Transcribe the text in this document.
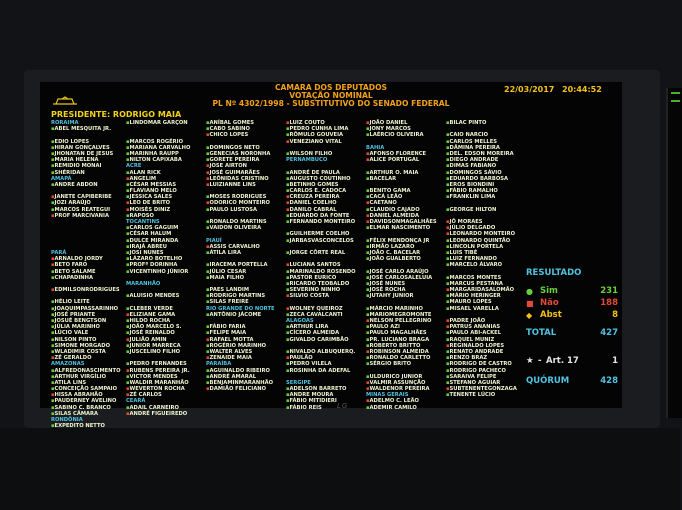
CAMARA DOS DEPUTADOS
VOTAÇÃO NOMINAL
PL Nº 4302/1998 - SUBSTITUTIVO DO SENADO FEDERAL
22/03/2017 20:44:52
PRESIDENTE: RODRIGO MAIA
RORAIMA
▪ ABEL MESQUITA JR.
▪
▪ EDIO LOPES
▪ HIRAN GONÇALVES
▪ JHONATAN DE JESUS
▪ MARIA HELENA
▪ REMIDIO MONAI
▪ SHÉRIDAN
AMAPÁ
▪ ANDRE ABDON
▪
▪ JANETE CAPIBERIBE
▪ JOZI ARAÚJO
▪ MARCOS REATEGUI
▪ PROF MARCIVANIA
▪
▪
▪
▪
▪
PARÁ
▪ ARNALDO JORDY
▪ BETO FARO
▪ BETO SALAME
▪ CHAPADINHA
▪
▪ EDMILSONRODRIGUES
▪
▪ HÉLIO LEITE
▪ JOAQUIMPASSARINHO
▪ JOSÉ PRIANTE
▪ JOSUÉ BENGTSON
▪ JÚLIA MARINHO
▪ LÚCIO VALE
▪ NILSON PINTO
▪ SIMONE MORGADO
▪ WLADIMIR COSTA
▪ ZÉ GERALDO
AMAZONAS
▪ ALFREDONASCIMENTO
▪ ARTHUR VIRGÍLIO
▪ ATILA LINS
▪ CONCEIÇÃO SAMPAIO
▪ HISSA ABRAHÃO
▪ PAUDERNEY AVELINO
▪ SABINO C. BRANCO
▪ SILAS CÂMARA
RONDÔNIA
▪ EXPEDITO NETTO
▪ LINDOMAR GARÇON
▪
▪
▪ MARCOS ROGÉRIO
▪ MARIANA CARVALHO
▪ MARINHA RAUPP
▪ NILTON CAPIXABA
ACRE
▪ ALAN RICK
▪ ANGELIM
▪ CÉSAR MESSIAS
▪ FLAVIANO MELO
▪ JESSICA SALES
▪ LEO DE BRITO
▪ MOISÉS DINIZ
▪ RAPOSO
TOCANTINS
▪ CARLOS GAGUIM
▪ CÉSAR HALUM
▪ DULCE MIRANDA
▪ IRAJÁ ABREU
▪ JOSI NUNES
▪ LÁZARO BOTELHO
▪ PROFª DORINHA
▪ VICENTINHO JÚNIOR
▪
MARANHÃO
▪
▪ ALUISIO MENDES
▪
▪ CLEBER VERDE
▪ ELIZIANE GAMA
▪ HILDO ROCHA
▪ JOÃO MARCELO S.
▪ JOSÉ REINALDO
▪ JULIÃO AMIN
▪ JUNIOR MARRECA
▪ JUSCELINO FILHO
▪
▪ PEDRO FERNANDES
▪ RUBENS PEREIRA JR.
▪ VICTOR MENDES
▪ WALDIR MARANHÃO
▪ WEVERTON ROCHA
▪ ZÉ CARLOS
CEARÁ
▪ ADAIL CARNEIRO
▪ ANDRÉ FIGUEIREDO
▪ ANÍBAL GOMES
▪ CABO SABINO
▪ CHICO LOPES
▪
▪ DOMINGOS NETO
▪ GENECIAS NORONHA
▪ GORETE PEREIRA
▪ JOSE AIRTON
▪ JOSÉ GUIMARÃES
▪ LEÔNIDAS CRISTINO
▪ LUIZIANNE LINS
▪
▪ MOSES RODRIGUES
▪ ODORICO MONTEIRO
▪ PAULO LUSTOSA
▪
▪ RONALDO MARTINS
▪ VAIDON OLIVEIRA
▪
PIAUÍ
▪ ASSIS CARVALHO
▪ ÁTILA LIRA
▪
▪ IRACEMA PORTELLA
▪ JÚLIO CESAR
▪ MAIA FILHO
▪
▪ PAES LANDIM
▪ RODRIGO MARTINS
▪ SILAS FREIRE
RIO GRANDE DO NORTE
▪ ANTÔNIO JÁCOME
▪
▪ FÁBIO FARIA
▪ FELIPE MAIA
▪ RAFAEL MOTTA
▪ ROGÉRIO MARINHO
▪ WALTER ALVES
▪ ZENAIDE MAIA
PARAÍBA
▪ AGUINALDO RIBEIRO
▪ ANDRÉ AMARAL
▪ BENJAMINMARANHÃO
▪ DAMIÃO FELICIANO
▪ LUIZ COUTO
▪ PEDRO CUNHA LIMA
▪ RÔMULO GOUVEIA
▪ VENEZIANO VITAL
▪
▪ WILSON FILHO
PERNAMBUCO
▪
▪ ANDRÉ DE PAULA
▪ AUGUSTO COUTINHO
▪ BETINHO GOMES
▪ CARLOS E. CADOCA
▪ CREUZA PEREIRA
▪ DANIEL COELHO
▪ DANILO CABRAL
▪ EDUARDO DA FONTE
▪ FERNANDO MONTEIRO
▪
▪ GUILHERME COELHO
▪ JARBASVASCONCELOS
▪
▪ JORGE CÔRTE REAL
▪
▪ LUCIANA SANTOS
▪ MARINALDO ROSENDO
▪ PASTOR EURICO
▪ RICARDO TEOBALDO
▪ SEVERINO NINHO
▪ SILVIO COSTA
▪
▪ WOLNEY QUEIROZ
▪ ZECA CAVALCANTI
ALAGOAS
▪ ARTHUR LIRA
▪ CÍCERO ALMEIDA
▪ GIVALDO CARIMBÃO
▪
▪ NIVALDO ALBUQUERQ.
▪ PAULÃO
▪ PEDRO VILELA
▪ ROSINHA DA ADEFAL
▪
SERGIPE
▪ ADELSON BARRETO
▪ ANDRE MOURA
▪ FÁBIO MITIDIERI
▪ FÁBIO REIS
▪ JOÃO DANIEL
▪ JONY MARCOS
▪ LAÉRCIO OLIVEIRA
▪
BAHIA
▪ AFONSO FLORENCE
▪ ALICE PORTUGAL
▪
▪ ARTHUR O. MAIA
▪ BACELAR
▪
▪ BENITO GAMA
▪ CACÁ LEÃO
▪ CAETANO
▪ CLAUDIO CAJADO
▪ DANIEL ALMEIDA
▪ DAVIDSONMAGALHÃES
▪ ELMAR NASCIMENTO
▪
▪ FÉLIX MENDONÇA JR
▪ IRMÃO LAZARO
▪ JOÃO C. BACELAR
▪ JOÃO GUALBERTO
▪
▪ JOSÉ CARLO ARAÚJO
▪ JOSÉ CARLOSALELUIA
▪ JOSÉ NUNES
▪ JOSÉ ROCHA
▪ JUTAHY JUNIOR
▪
▪ MÁRCIO MARINHO
▪ MARIOMEGROMONTE
▪ NELSON PELLEGRINO
▪ PAULO AZI
▪ PAULO MAGALHÃES
▪ PR. LUCIANO BRAGA
▪ ROBERTO BRITTO
▪ ROBINSON ALMEIDA
▪ RONALDO CARLETTO
▪ SÉRGIO BRITO
▪
▪ ULDURICO JUNIOR
▪ VALMIR ASSUNÇÃO
▪ WALDENOR PEREIRA
MINAS GERAIS
▪ ADELMO C. LEÃO
▪ ADEMIR CAMILO
▪ BILAC PINTO
▪
▪ CAIO NARCIO
▪ CARLOS MELLES
▪ DÂMINA PEREIRA
▪ DEL. EDSON MOREIRA
▪ DIEGO ANDRADE
▪ DIMAS FABIANO
▪ DOMINGOS SÁVIO
▪ EDUARDO BARBOSA
▪ EROS BIONDINI
▪ FÁBIO RAMALHO
▪ FRANKLIN LIMA
▪
▪ GEORGE HILTON
▪
▪ JÔ MORAES
▪ JÚLIO DELGADO
▪ LEONARDO MONTEIRO
▪ LEONARDO QUINTÃO
▪ LINCOLN PORTELA
▪ LUIS TIBÉ
▪ LUIZ FERNANDO
▪ MARCELO ÁLVARO
▪
▪ MARCOS MONTES
▪ MARCUS PESTANA
▪ MARGARIDASALOMÃO
▪ MÁRIO HERINGER
▪ MAURO LOPES
▪ MISAEL VARELLA
▪
▪ PADRE JOÃO
▪ PATRUS ANANIAS
▪ PAULO ABI-ACKEL
▪ RAQUEL MUNIZ
▪ REGINALDO LOPES
▪ RENATO ANDRADE
▪ RENZO BRAZ
▪ RODRIGO DE CASTRO
▪ RODRIGO PACHECO
▪ SARAIVA FELIPE
▪ STEFANO AGUIAR
▪ SUBTENENTEGONZAGA
▪ TENENTE LÚCIO
RESULTADO
● Sim	231
■ Não	188
◆ Abst	8
TOTAL	427
★ - Art. 17	1
QUÓRUM	428
LG
